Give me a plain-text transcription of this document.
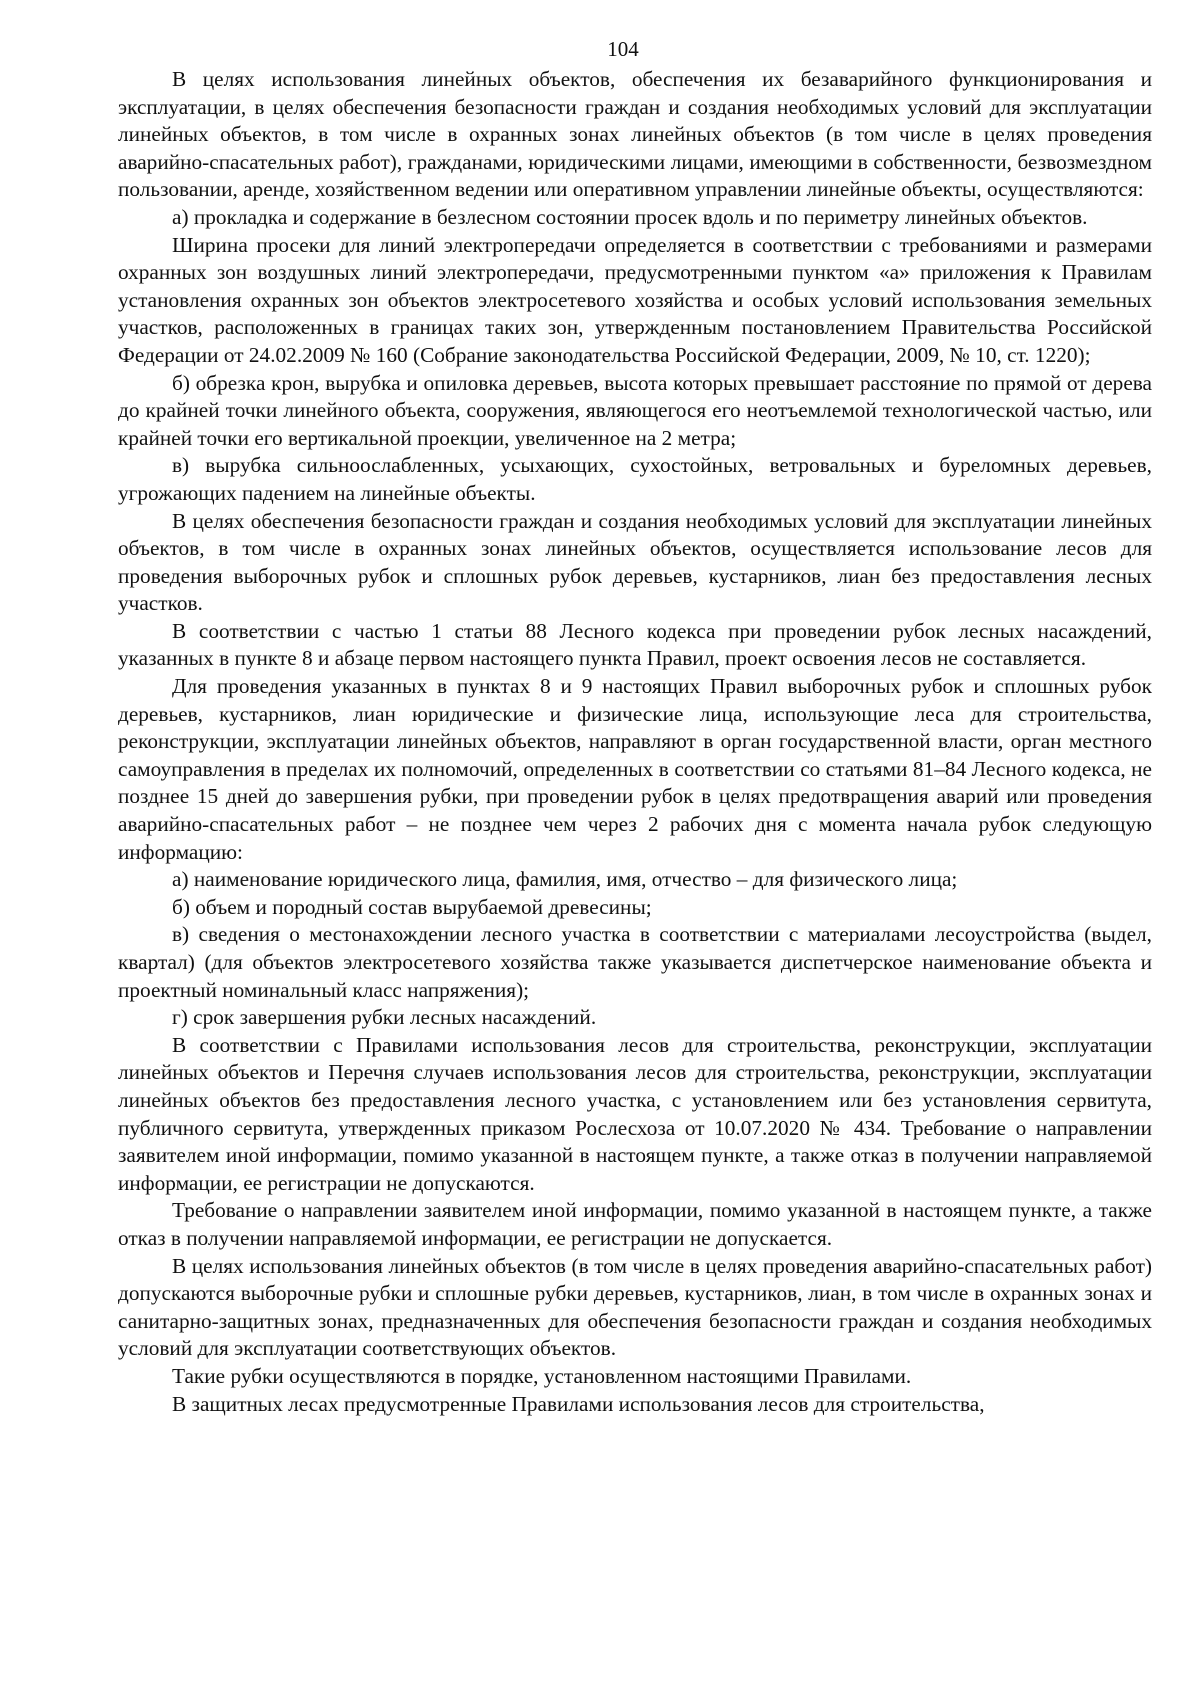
104

В целях использования линейных объектов, обеспечения их безаварийного функционирования и эксплуатации, в целях обеспечения безопасности граждан и создания необходимых условий для эксплуатации линейных объектов, в том числе в охранных зонах линейных объектов (в том числе в целях проведения аварийно-спасательных работ), гражданами, юридическими лицами, имеющими в собственности, безвозмездном пользовании, аренде, хозяйственном ведении или оперативном управлении линейные объекты, осуществляются:

а) прокладка и содержание в безлесном состоянии просек вдоль и по периметру линейных объектов.

Ширина просеки для линий электропередачи определяется в соответствии с требованиями и размерами охранных зон воздушных линий электропередачи, предусмотренными пунктом «а» приложения к Правилам установления охранных зон объектов электросетевого хозяйства и особых условий использования земельных участков, расположенных в границах таких зон, утвержденным постановлением Правительства Российской Федерации от 24.02.2009 № 160 (Собрание законодательства Российской Федерации, 2009, № 10, ст. 1220);

б) обрезка крон, вырубка и опиловка деревьев, высота которых превышает расстояние по прямой от дерева до крайней точки линейного объекта, сооружения, являющегося его неотъемлемой технологической частью, или крайней точки его вертикальной проекции, увеличенное на 2 метра;

в) вырубка сильноослабленных, усыхающих, сухостойных, ветровальных и буреломных деревьев, угрожающих падением на линейные объекты.

В целях обеспечения безопасности граждан и создания необходимых условий для эксплуатации линейных объектов, в том числе в охранных зонах линейных объектов, осуществляется использование лесов для проведения выборочных рубок и сплошных рубок деревьев, кустарников, лиан без предоставления лесных участков.

В соответствии с частью 1 статьи 88 Лесного кодекса при проведении рубок лесных насаждений, указанных в пункте 8 и абзаце первом настоящего пункта Правил, проект освоения лесов не составляется.

Для проведения указанных в пунктах 8 и 9 настоящих Правил выборочных рубок и сплошных рубок деревьев, кустарников, лиан юридические и физические лица, использующие леса для строительства, реконструкции, эксплуатации линейных объектов, направляют в орган государственной власти, орган местного самоуправления в пределах их полномочий, определенных в соответствии со статьями 81–84 Лесного кодекса, не позднее 15 дней до завершения рубки, при проведении рубок в целях предотвращения аварий или проведения аварийно-спасательных работ – не позднее чем через 2 рабочих дня с момента начала рубок следующую информацию:

а) наименование юридического лица, фамилия, имя, отчество – для физического лица;

б) объем и породный состав вырубаемой древесины;

в) сведения о местонахождении лесного участка в соответствии с материалами лесоустройства (выдел, квартал) (для объектов электросетевого хозяйства также указывается диспетчерское наименование объекта и проектный номинальный класс напряжения);

г) срок завершения рубки лесных насаждений.

В соответствии с Правилами использования лесов для строительства, реконструкции, эксплуатации линейных объектов и Перечня случаев использования лесов для строительства, реконструкции, эксплуатации линейных объектов без предоставления лесного участка, с установлением или без установления сервитута, публичного сервитута, утвержденных приказом Рослесхоза от 10.07.2020 № 434. Требование о направлении заявителем иной информации, помимо указанной в настоящем пункте, а также отказ в получении направляемой информации, ее регистрации не допускаются.

Требование о направлении заявителем иной информации, помимо указанной в настоящем пункте, а также отказ в получении направляемой информации, ее регистрации не допускается.

В целях использования линейных объектов (в том числе в целях проведения аварийно-спасательных работ) допускаются выборочные рубки и сплошные рубки деревьев, кустарников, лиан, в том числе в охранных зонах и санитарно-защитных зонах, предназначенных для обеспечения безопасности граждан и создания необходимых условий для эксплуатации соответствующих объектов.

Такие рубки осуществляются в порядке, установленном настоящими Правилами.

В защитных лесах предусмотренные Правилами использования лесов для строительства,
